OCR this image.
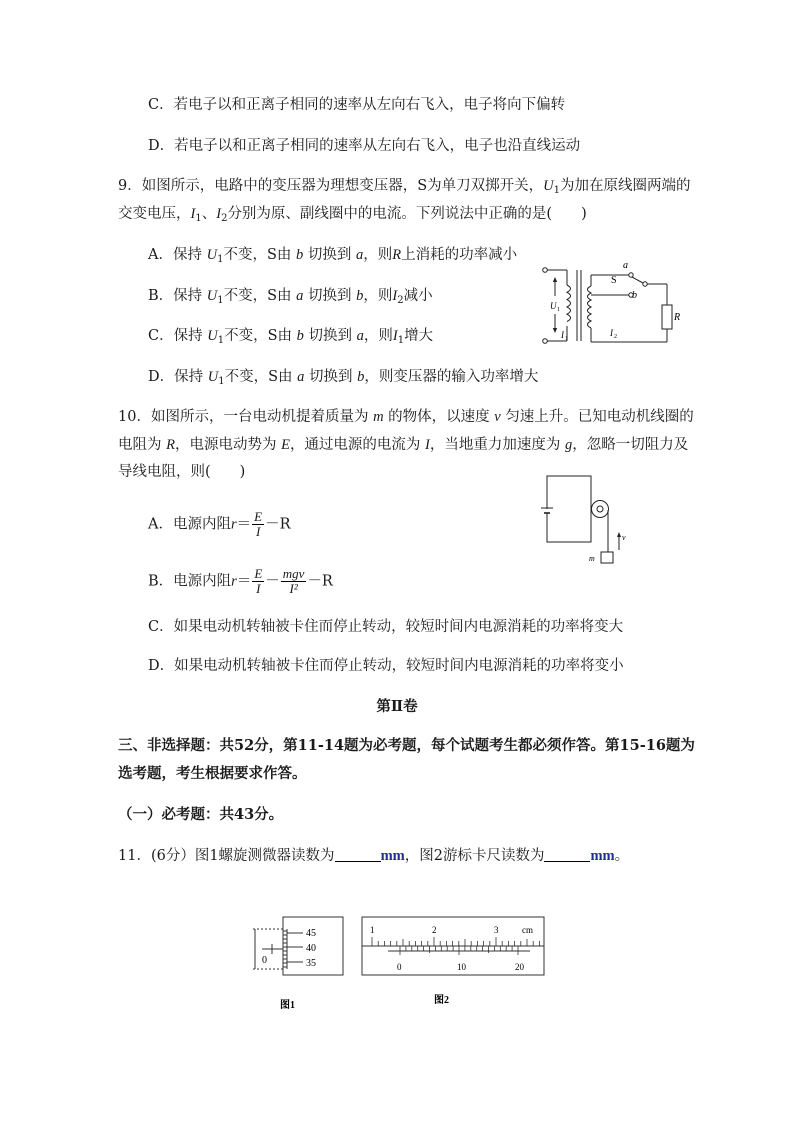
C．若电子以和正离子相同的速率从左向右飞入，电子将向下偏转
D．若电子以和正离子相同的速率从左向右飞入，电子也沿直线运动
9．如图所示，电路中的变压器为理想变压器，S为单刀双掷开关，$U_1$为加在原线圈两端的
交变电压，$I_1$、$I_2$分别为原、副线圈中的电流。下列说法中正确的是(　　)
A．保持 $U_1$不变，S由 b 切换到 a，则R上消耗的功率减小
B．保持 $U_1$不变，S由 a 切换到 b，则$I_2$减小
C．保持 $U_1$不变，S由 b 切换到 a，则$I_1$增大
D．保持 $U_1$不变，S由 a 切换到 b，则变压器的输入功率增大
a
S
b
R
U 1
I 1
I 2
10．如图所示，一台电动机提着质量为 m 的物体，以速度 v 匀速上升。已知电动机线圈的
电阻为 R，电源电动势为 E，通过电源的电流为 I，当地重力加速度为 g，忽略一切阻力及
导线电阻，则(　　)
A．电源内阻$r= \frac{E}{I} -R$
B．电源内阻$r= \frac{E}{I} - \frac{\text{mgv}}{\text{I²}} -R$
C．如果电动机转轴被卡住而停止转动，较短时间内电源消耗的功率将变大
D．如果电动机转轴被卡住而停止转动，较短时间内电源消耗的功率将变小
v
m
第Ⅱ卷
三、非选择题：共52分，第11-14题为必考题，每个试题考生都必须作答。第15-16题为
选考题，考生根据要求作答。
（一）必考题：共43分。
11．(6分）图1螺旋测微器读数为	mm，图2游标卡尺读数为	mm。
45
40
35
0
图1
1	2	3	cm
0	10	20
图2
